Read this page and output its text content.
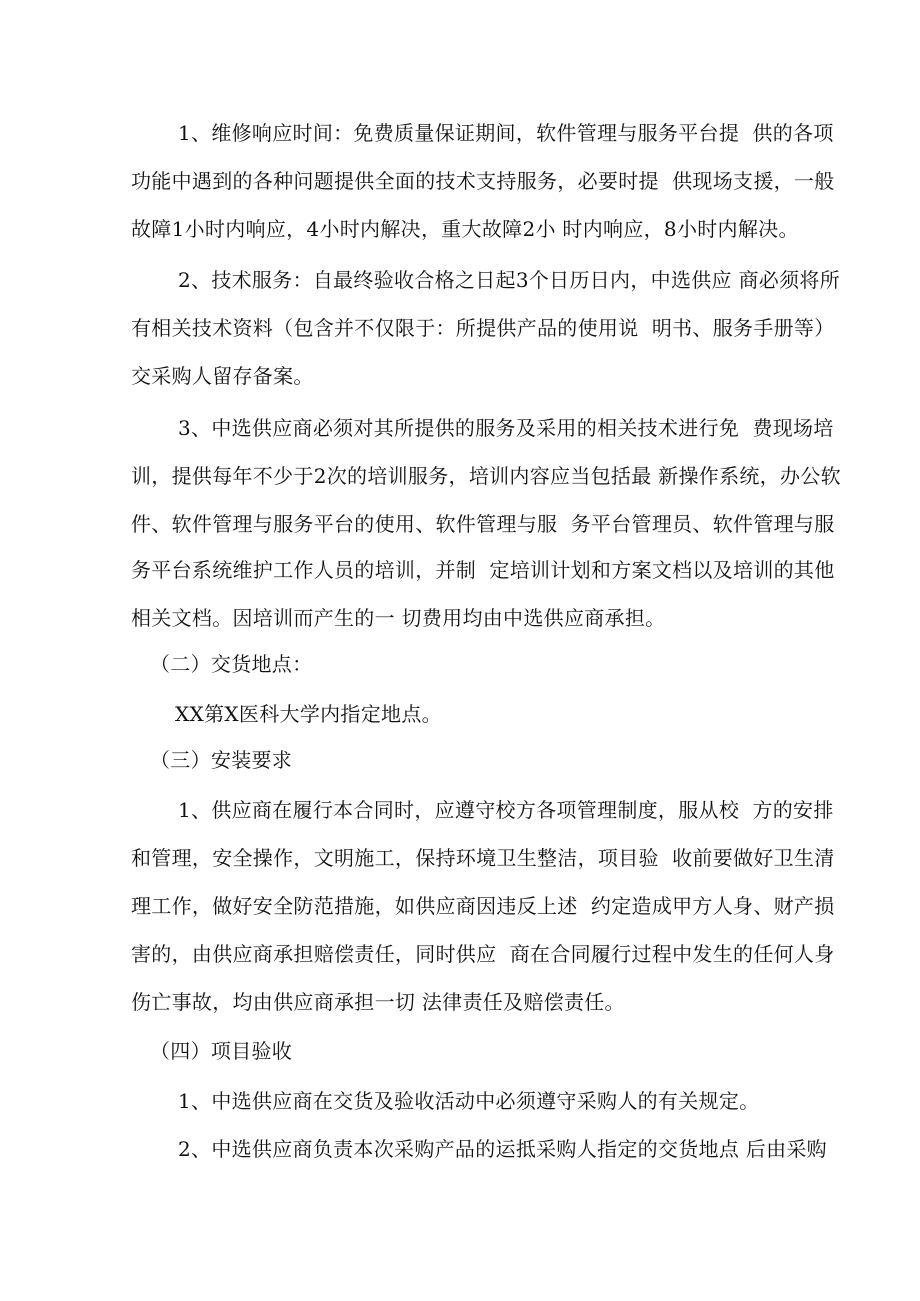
1、维修响应时间：免费质量保证期间，软件管理与服务平台提  供的各项
功能中遇到的各种问题提供全面的技术支持服务，必要时提  供现场支援，一般
故障1小时内响应，4小时内解决，重大故障2小 时内响应，8小时内解决。
2、技术服务：自最终验收合格之日起3个日历日内，中选供应 商必须将所
有相关技术资料（包含并不仅限于：所提供产品的使用说  明书、服务手册等）
交采购人留存备案。
3、中选供应商必须对其所提供的服务及采用的相关技术进行免  费现场培
训，提供每年不少于2次的培训服务，培训内容应当包括最 新操作系统，办公软
件、软件管理与服务平台的使用、软件管理与服  务平台管理员、软件管理与服
务平台系统维护工作人员的培训，并制  定培训计划和方案文档以及培训的其他
相关文档。因培训而产生的一 切费用均由中选供应商承担。
（二）交货地点：
XX第X医科大学内指定地点。
（三）安装要求
1、供应商在履行本合同时，应遵守校方各项管理制度，服从校  方的安排
和管理，安全操作，文明施工，保持环境卫生整洁，项目验  收前要做好卫生清
理工作，做好安全防范措施，如供应商因违反上述  约定造成甲方人身、财产损
害的，由供应商承担赔偿责任，同时供应  商在合同履行过程中发生的任何人身
伤亡事故，均由供应商承担一切 法律责任及赔偿责任。
（四）项目验收
1、中选供应商在交货及验收活动中必须遵守采购人的有关规定。
2、中选供应商负责本次采购产品的运抵采购人指定的交货地点 后由采购
